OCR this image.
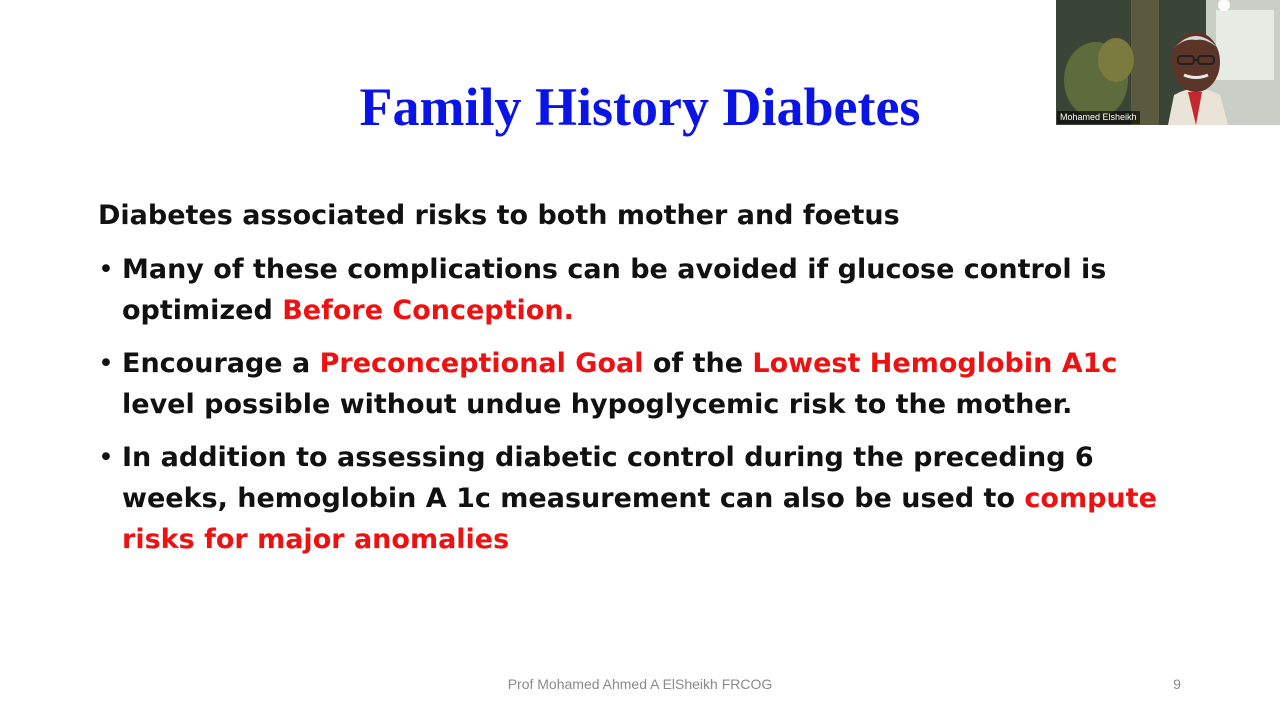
Family History Diabetes

Diabetes associated risks to both mother and foetus

• Many of these complications can be avoided if glucose control is optimized Before Conception.
• Encourage a Preconceptional Goal of the Lowest Hemoglobin A1c level possible without undue hypoglycemic risk to the mother.
• In addition to assessing diabetic control during the preceding 6 weeks, hemoglobin A 1c measurement can also be used to compute risks for major anomalies
Prof Mohamed Ahmed A ElSheikh FRCOG	9
Mohamed Elsheikh
